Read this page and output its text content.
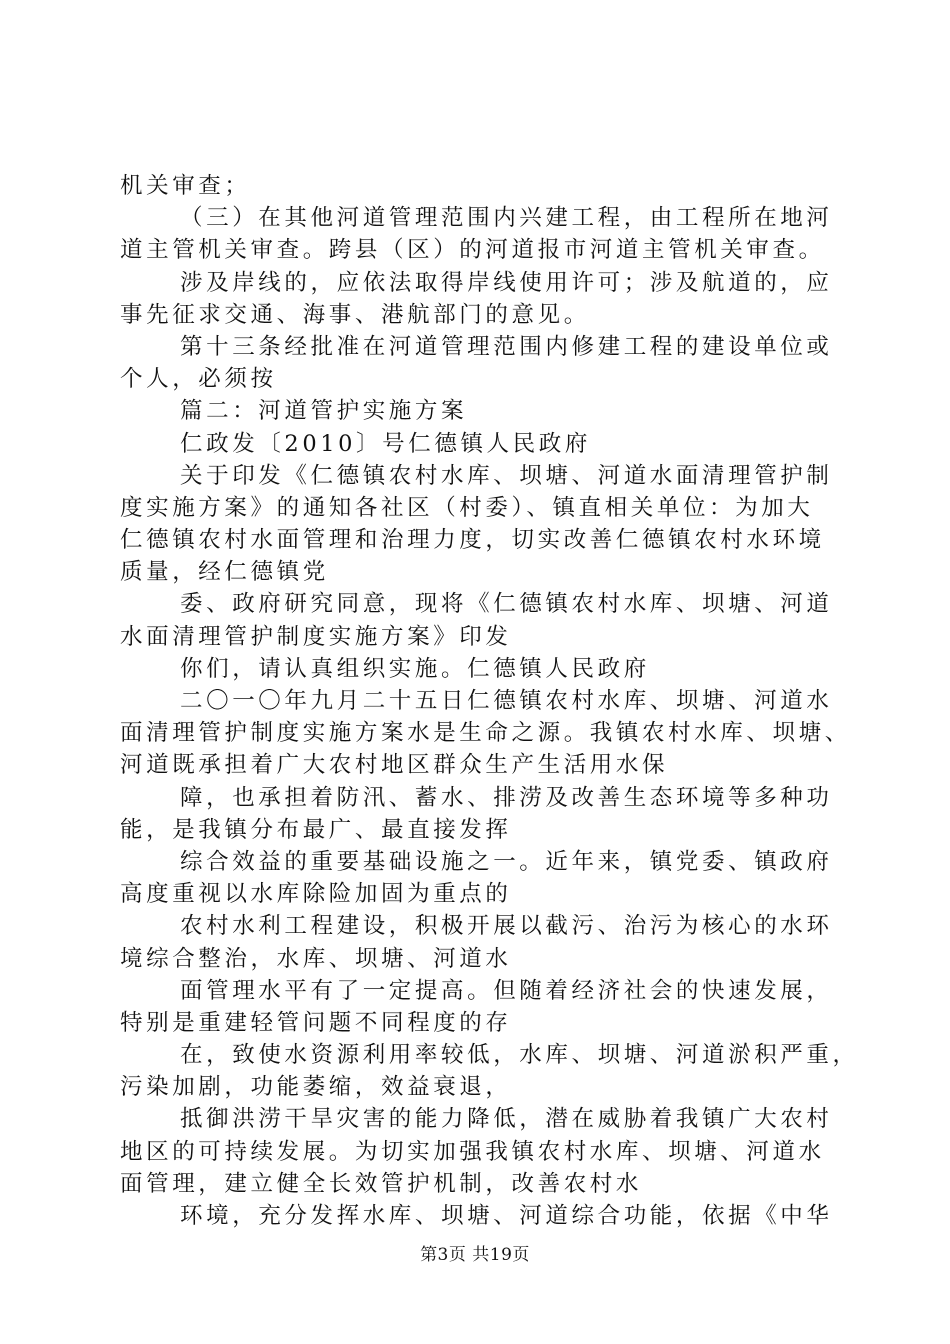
机关审查；
（三）在其他河道管理范围内兴建工程，由工程所在地河
道主管机关审查。跨县（区）的河道报市河道主管机关审查。
涉及岸线的，应依法取得岸线使用许可；涉及航道的，应
事先征求交通、海事、港航部门的意见。
第十三条经批准在河道管理范围内修建工程的建设单位或
个人，必须按
篇二：河道管护实施方案
仁政发〔2010〕号仁德镇人民政府
关于印发《仁德镇农村水库、坝塘、河道水面清理管护制
度实施方案》的通知各社区（村委）、镇直相关单位：为加大
仁德镇农村水面管理和治理力度，切实改善仁德镇农村水环境
质量，经仁德镇党
委、政府研究同意，现将《仁德镇农村水库、坝塘、河道
水面清理管护制度实施方案》印发
你们，请认真组织实施。仁德镇人民政府
二〇一〇年九月二十五日仁德镇农村水库、坝塘、河道水
面清理管护制度实施方案水是生命之源。我镇农村水库、坝塘、
河道既承担着广大农村地区群众生产生活用水保
障，也承担着防汛、蓄水、排涝及改善生态环境等多种功
能，是我镇分布最广、最直接发挥
综合效益的重要基础设施之一。近年来，镇党委、镇政府
高度重视以水库除险加固为重点的
农村水利工程建设，积极开展以截污、治污为核心的水环
境综合整治，水库、坝塘、河道水
面管理水平有了一定提高。但随着经济社会的快速发展，
特别是重建轻管问题不同程度的存
在，致使水资源利用率较低，水库、坝塘、河道淤积严重，
污染加剧，功能萎缩，效益衰退，
抵御洪涝干旱灾害的能力降低，潜在威胁着我镇广大农村
地区的可持续发展。为切实加强我镇农村水库、坝塘、河道水
面管理，建立健全长效管护机制，改善农村水
环境，充分发挥水库、坝塘、河道综合功能，依据《中华
第3页 共19页
